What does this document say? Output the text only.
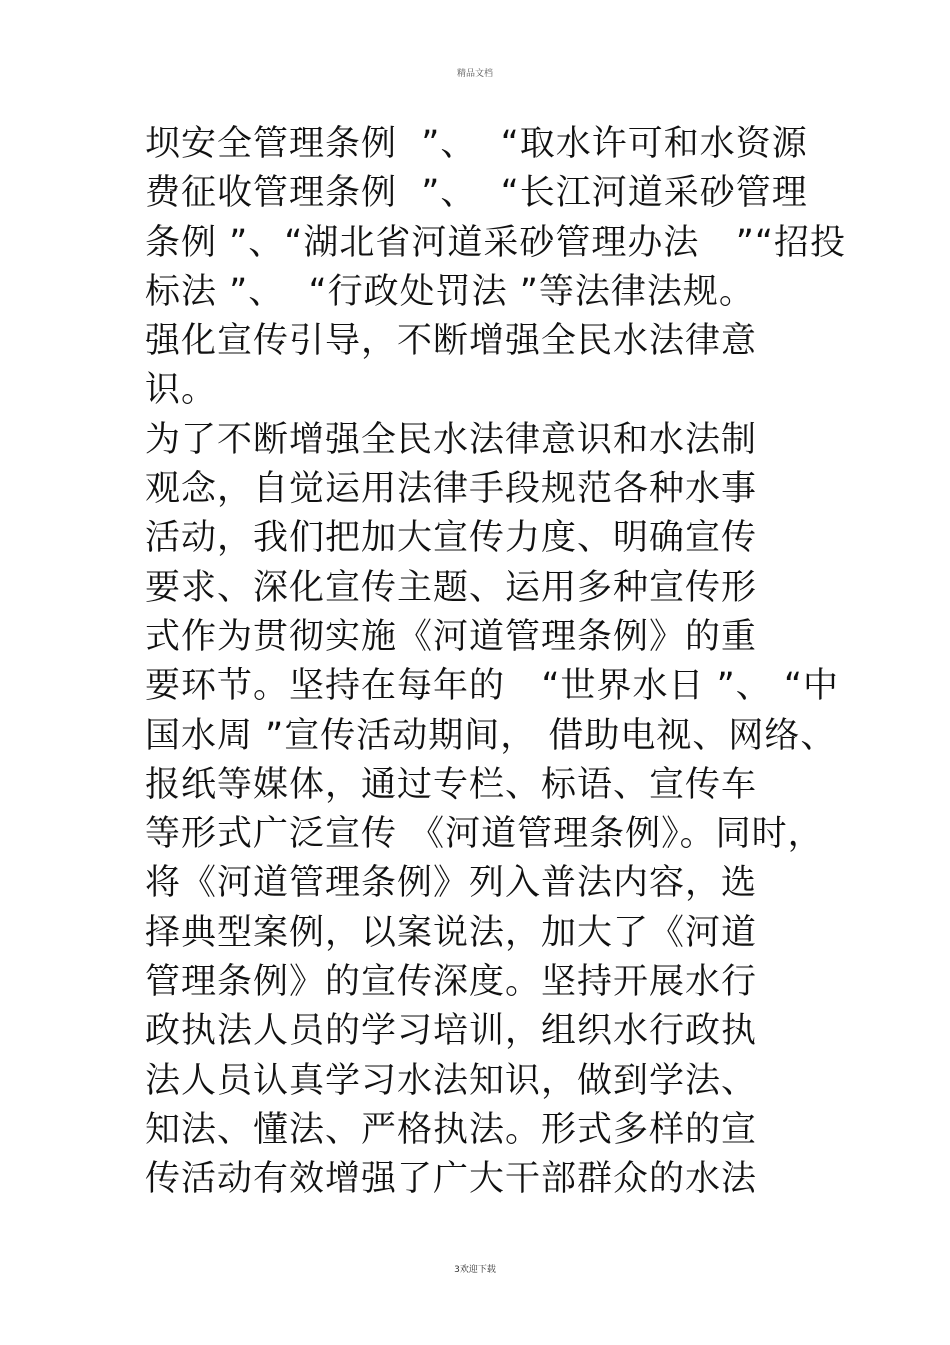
精品文档
坝安全管理条例  ”、  “取水许可和水资源
费征收管理条例  ”、  “长江河道采砂管理
条例 ”、“湖北省河道采砂管理办法   ”“招投
标法 ”、  “行政处罚法 ”等法律法规。
强化宣传引导，不断增强全民水法律意
识。
为了不断增强全民水法律意识和水法制
观念，自觉运用法律手段规范各种水事
活动，我们把加大宣传力度、明确宣传
要求、深化宣传主题、运用多种宣传形
式作为贯彻实施《河道管理条例》的重
要环节。坚持在每年的   “世界水日 ”、 “中
国水周 ”宣传活动期间， 借助电视、网络、
报纸等媒体，通过专栏、标语、宣传车
等形式广泛宣传 《河道管理条例》。同时，
将《河道管理条例》列入普法内容，选
择典型案例，以案说法，加大了《河道
管理条例》的宣传深度。坚持开展水行
政执法人员的学习培训，组织水行政执
法人员认真学习水法知识，做到学法、
知法、懂法、严格执法。形式多样的宣
传活动有效增强了广大干部群众的水法
3欢迎下载
